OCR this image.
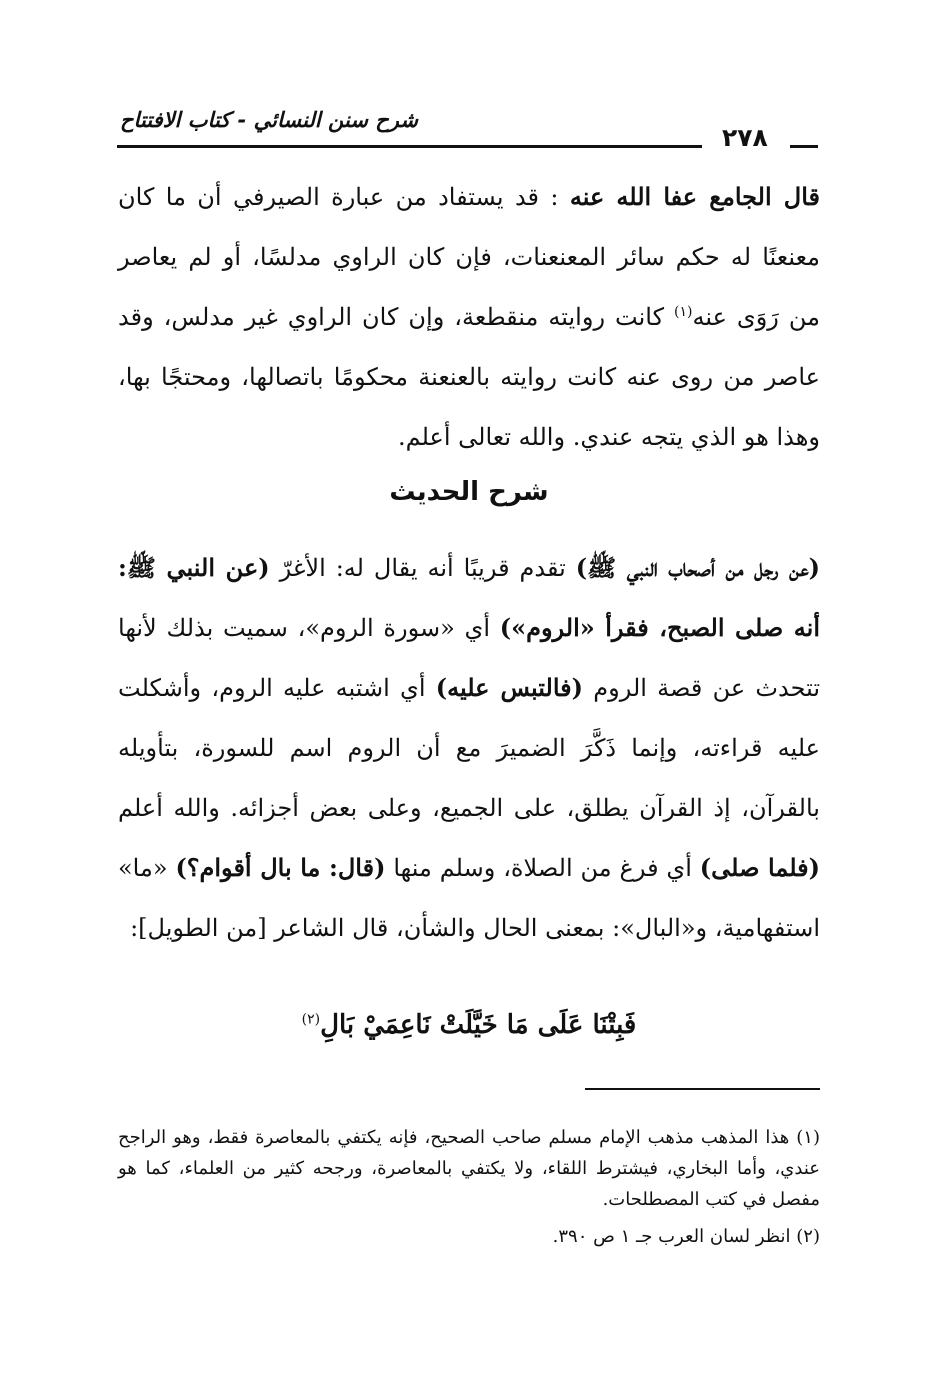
شرح سنن النسائي - كتاب الافتتاح
٢٧٨

قال الجامع عفا الله عنه : قد يستفاد من عبارة الصيرفي أن ما كان معنعنًا له حكم سائر المعنعنات، فإن كان الراوي مدلسًا، أو لم يعاصر من رَوَى عنه$^{(١)}$ كانت روايته منقطعة، وإن كان الراوي غير مدلس، وقد عاصر من روى عنه كانت روايته بالعنعنة محكومًا باتصالها، ومحتجًا بها، وهذا هو الذي يتجه عندي. والله تعالى أعلم.

شرح الحديث

(عن رجل من أصحاب النبي ﷺ) تقدم قريبًا أنه يقال له: الأغرّ (عن النبي ﷺ: أنه صلى الصبح، فقرأ «الروم») أي «سورة الروم»، سميت بذلك لأنها تتحدث عن قصة الروم (فالتبس عليه) أي اشتبه عليه الروم، وأشكلت عليه قراءته، وإنما ذَكَّرَ الضميرَ مع أن الروم اسم للسورة، بتأويله بالقرآن، إذ القرآن يطلق، على الجميع، وعلى بعض أجزائه. والله أعلم (فلما صلى) أي فرغ من الصلاة، وسلم منها (قال: ما بال أقوام؟) «ما» استفهامية، و«البال»: بمعنى الحال والشأن، قال الشاعر [من الطويل]:

فَبِتْنَا عَلَى مَا خَيَّلَتْ نَاعِمَيْ بَالِ$^{(٢)}$

(١) هذا المذهب مذهب الإمام مسلم صاحب الصحيح، فإنه يكتفي بالمعاصرة فقط، وهو الراجح عندي، وأما البخاري، فيشترط اللقاء، ولا يكتفي بالمعاصرة، ورجحه كثير من العلماء، كما هو مفصل في كتب المصطلحات.

(٢) انظر لسان العرب جـ ١ ص ٣٩٠.
